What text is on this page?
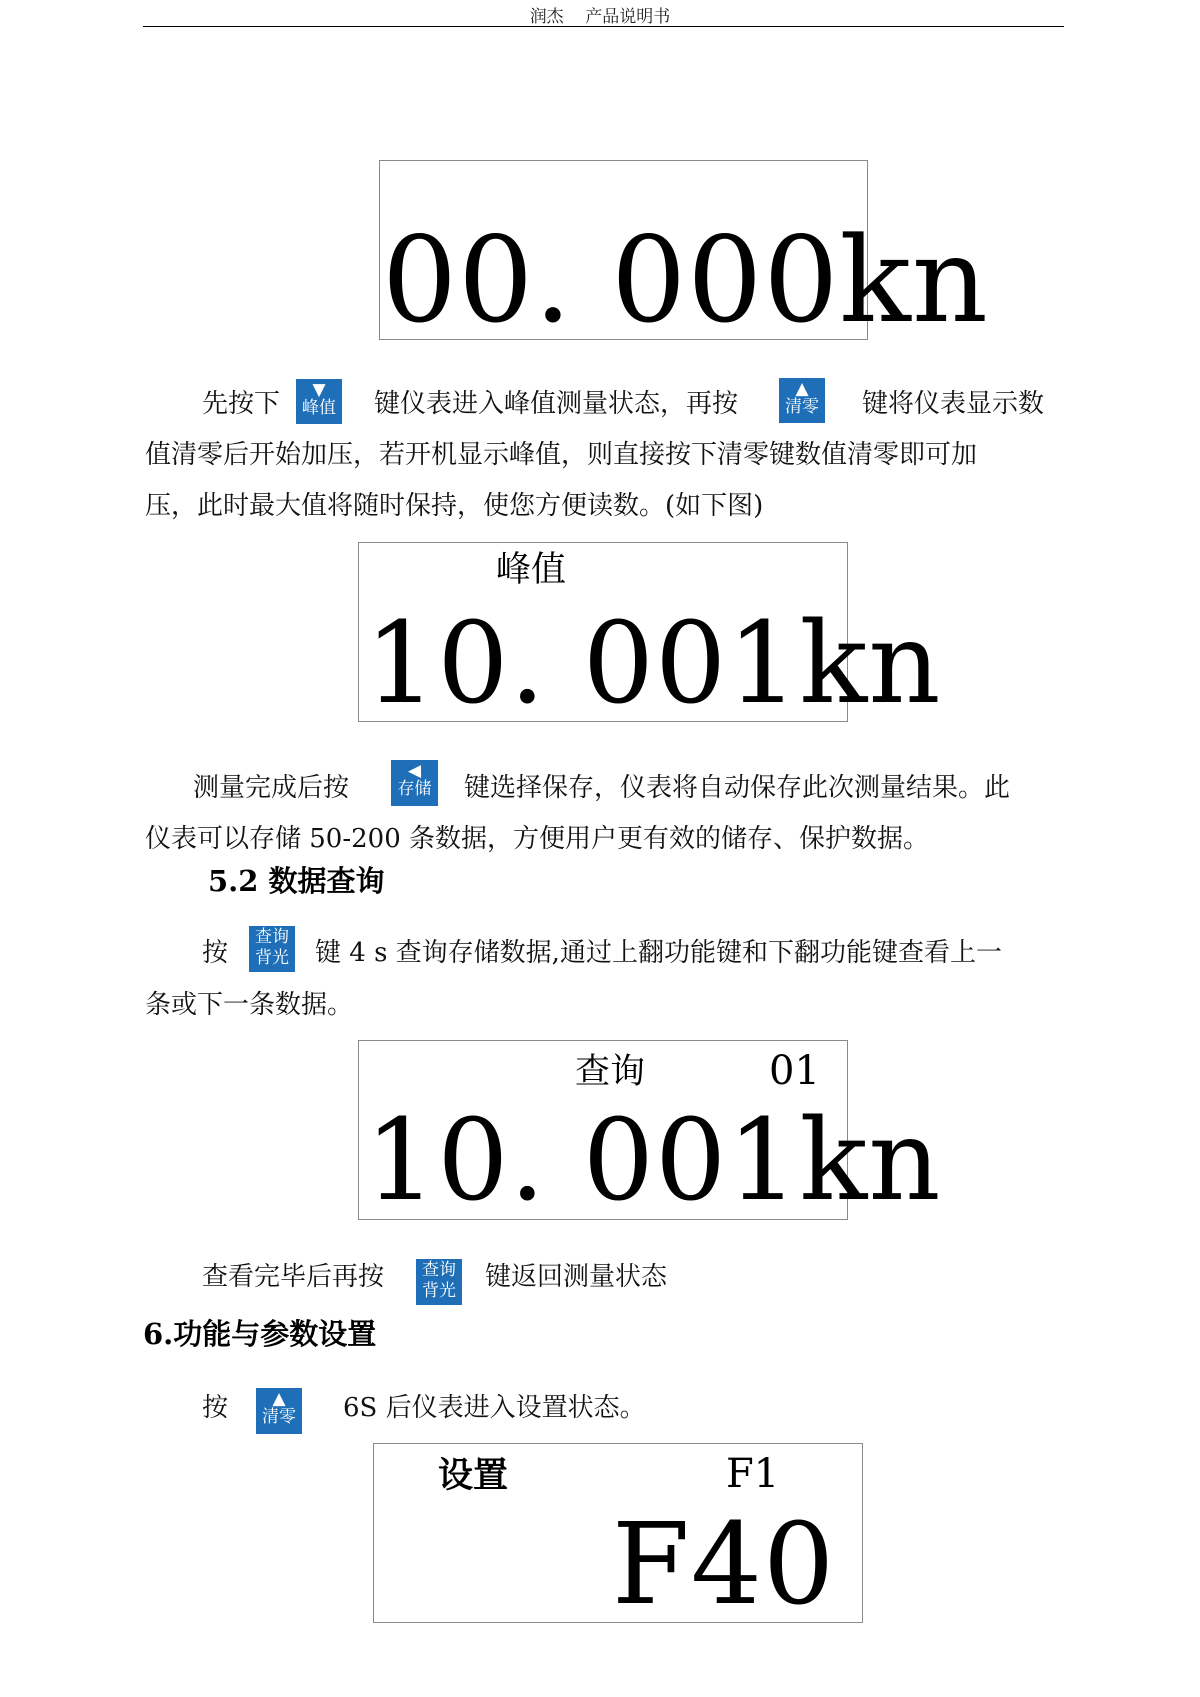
润杰    产品说明书
00. 000kn
先按下	▼
峰值 键仪表进入峰值测量状态，再按	▲
清零 键将仪表显示数
值清零后开始加压，若开机显示峰值，则直接按下清零键数值清零即可加
压，此时最大值将随时保持，使您方便读数。(如下图)
峰值
10. 001kn
测量完成后按
◀
存储 键选择保存，仪表将自动保存此次测量结果。此
仪表可以存储 50-200 条数据，方便用户更有效的储存、保护数据。
5.2 数据查询
按
查询
背光 键 4 s 查询存储数据,通过上翻功能键和下翻功能键查看上一
条或下一条数据。
查询	01
10. 001kn
查看完毕后再按	查询
背光 键返回测量状态
6.功能与参数设置
按	▲
清零 6S 后仪表进入设置状态。
设置	F1
F40
